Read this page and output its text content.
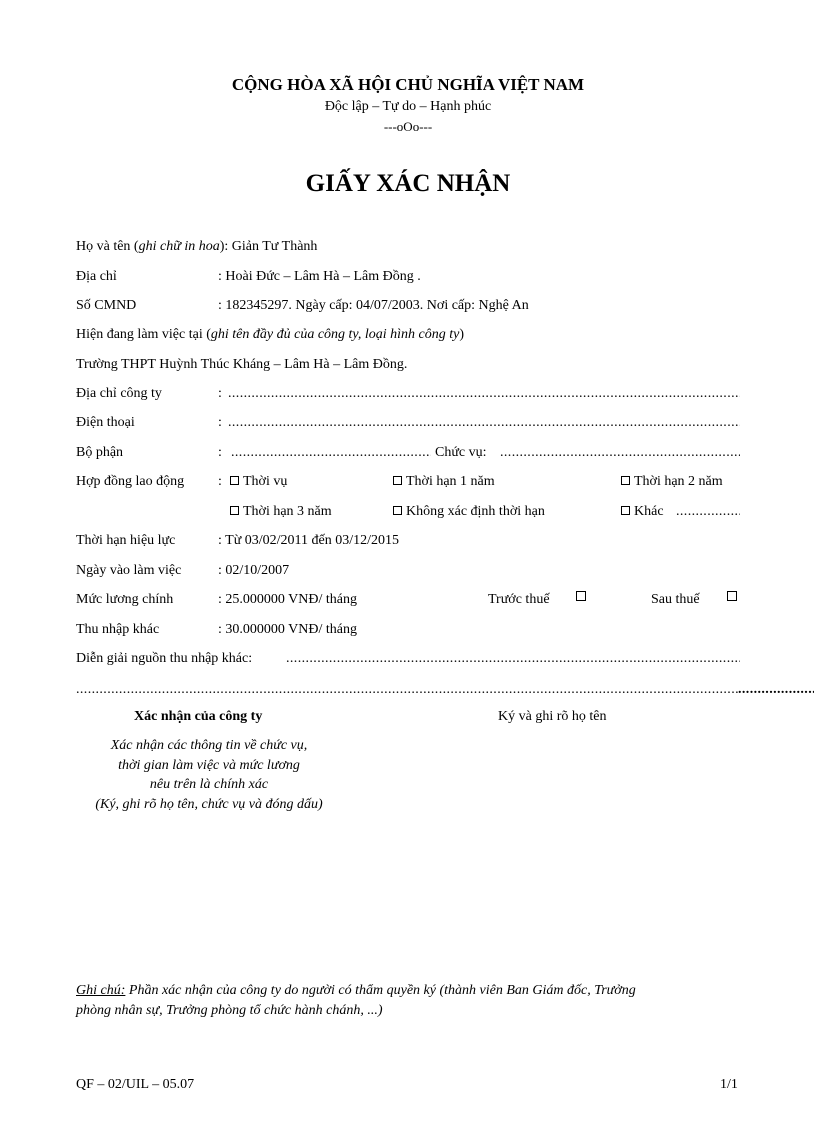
CỘNG HÒA XÃ HỘI CHỦ NGHĨA VIỆT NAM
Độc lập – Tự do – Hạnh phúc
---oOo---
GIẤY XÁC NHẬN
Họ và tên (ghi chữ in hoa): Giản Tư Thành
Địa chỉ	: Hoài Đức – Lâm Hà – Lâm Đồng .
Số CMND	: 182345297. Ngày cấp: 04/07/2003. Nơi cấp: Nghệ An
Hiện đang làm việc tại (ghi tên đầy đủ của công ty, loại hình công ty)
Trường THPT Huỳnh Thúc Kháng – Lâm Hà – Lâm Đồng.
Địa chỉ công ty	:
.....
Điện thoại	:
.....
Bộ phận	:
.....	Chức vụ:
.....
Hợp đồng lao động :	Thời vụ	Thời hạn 1 năm	Thời hạn 2 năm
Thời hạn 3 năm	Không xác định thời hạn	Khác
.....
Thời hạn hiệu lực	: Từ 03/02/2011 đến 03/12/2015
Ngày vào làm việc	: 02/10/2007
Mức lương chính	: 25.000000 VNĐ/ tháng	Trước thuế	Sau thuế
Thu nhập khác	: 30.000000 VNĐ/ tháng
Diễn giải nguồn thu nhập khác:
.....
.....
.....
Xác nhận của công ty	Ký và ghi rõ họ tên
Xác nhận các thông tin về chức vụ,
thời gian làm việc và mức lương
nêu trên là chính xác
(Ký, ghi rõ họ tên, chức vụ và đóng dấu)
Ghi chú: Phần xác nhận của công ty do người có thẩm quyền ký (thành viên Ban Giám đốc, Trưởng
phòng nhân sự, Trưởng phòng tổ chức hành chánh, ...)
QF – 02/UIL – 05.07	1/1
